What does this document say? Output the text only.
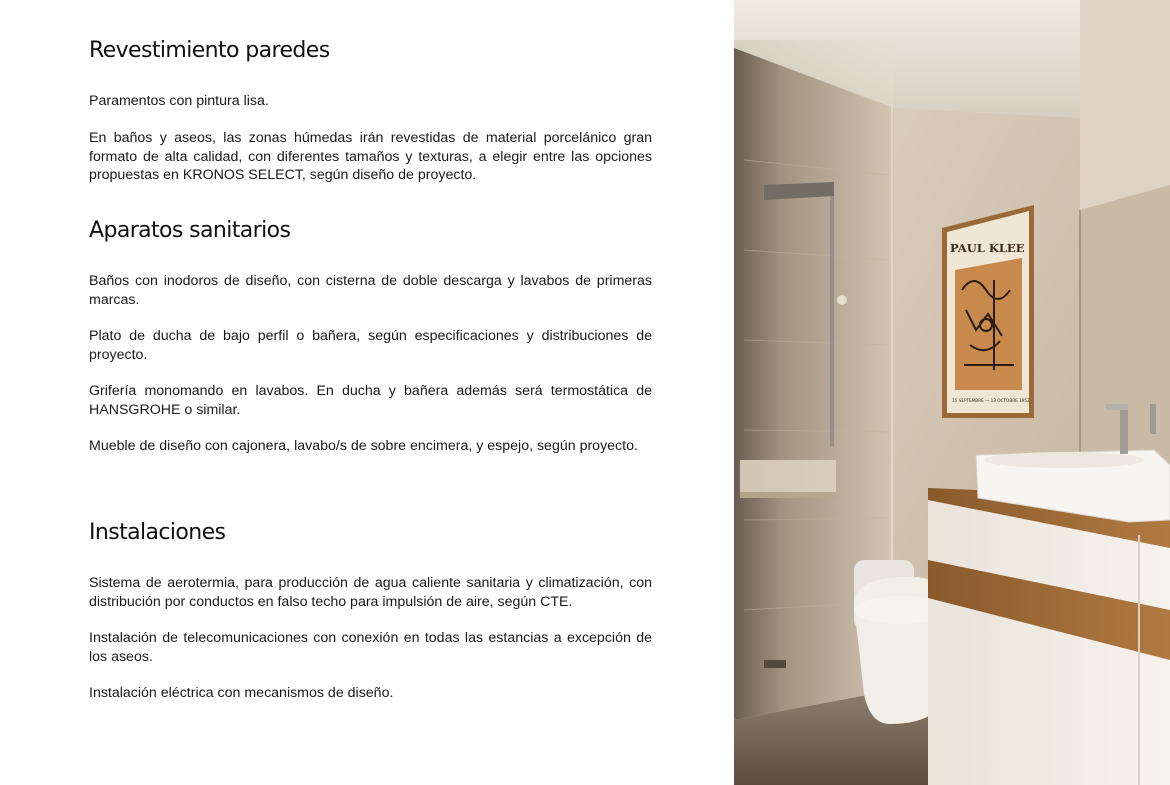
Revestimiento paredes

Paramentos con pintura lisa.

En baños y aseos, las zonas húmedas irán revestidas de material porcelánico gran formato de alta calidad, con diferentes tamaños y texturas, a elegir entre las opciones propuestas en KRONOS SELECT, según diseño de proyecto.

Aparatos sanitarios

Baños con inodoros de diseño, con cisterna de doble descarga y lavabos de primeras marcas.

Plato de ducha de bajo perfil o bañera, según especificaciones y distribuciones de proyecto.

Grifería monomando en lavabos. En ducha y bañera además será termostática de HANSGROHE o similar.

Mueble de diseño con cajonera, lavabo/s de sobre encimera, y espejo, según proyecto.

Instalaciones

Sistema de aerotermia, para producción de agua caliente sanitaria y climatización, con distribución por conductos en falso techo para impulsión de aire, según CTE.

Instalación de telecomunicaciones con conexión en todas las estancias a excepción de los aseos.

Instalación eléctrica con mecanismos de diseño.

PAUL KLEE
15 SEPTEMBRE — 13 OCTOBRE 1952
